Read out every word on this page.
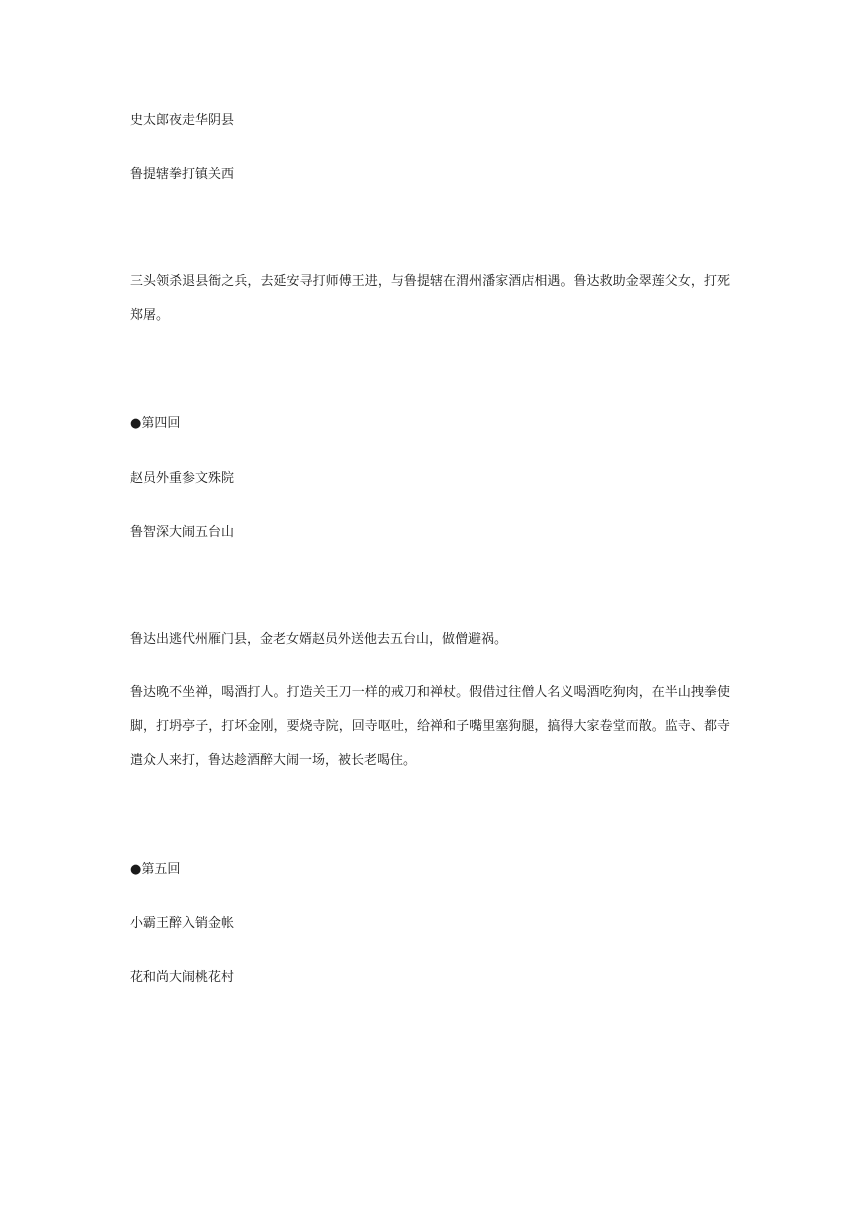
史太郎夜走华阴县
鲁提辖拳打镇关西
三头领杀退县衙之兵，去延安寻打师傅王进，与鲁提辖在渭州潘家酒店相遇。鲁达救助金翠莲父女，打死郑屠。
●第四回
赵员外重参文殊院
鲁智深大闹五台山
鲁达出逃代州雁门县，金老女婿赵员外送他去五台山，做僧避祸。
鲁达晚不坐禅，喝酒打人。打造关王刀一样的戒刀和禅杖。假借过往僧人名义喝酒吃狗肉，在半山拽拳使脚，打坍亭子，打坏金刚，要烧寺院，回寺呕吐，给禅和子嘴里塞狗腿，搞得大家卷堂而散。监寺、都寺遣众人来打，鲁达趁酒醉大闹一场，被长老喝住。
●第五回
小霸王醉入销金帐
花和尚大闹桃花村
